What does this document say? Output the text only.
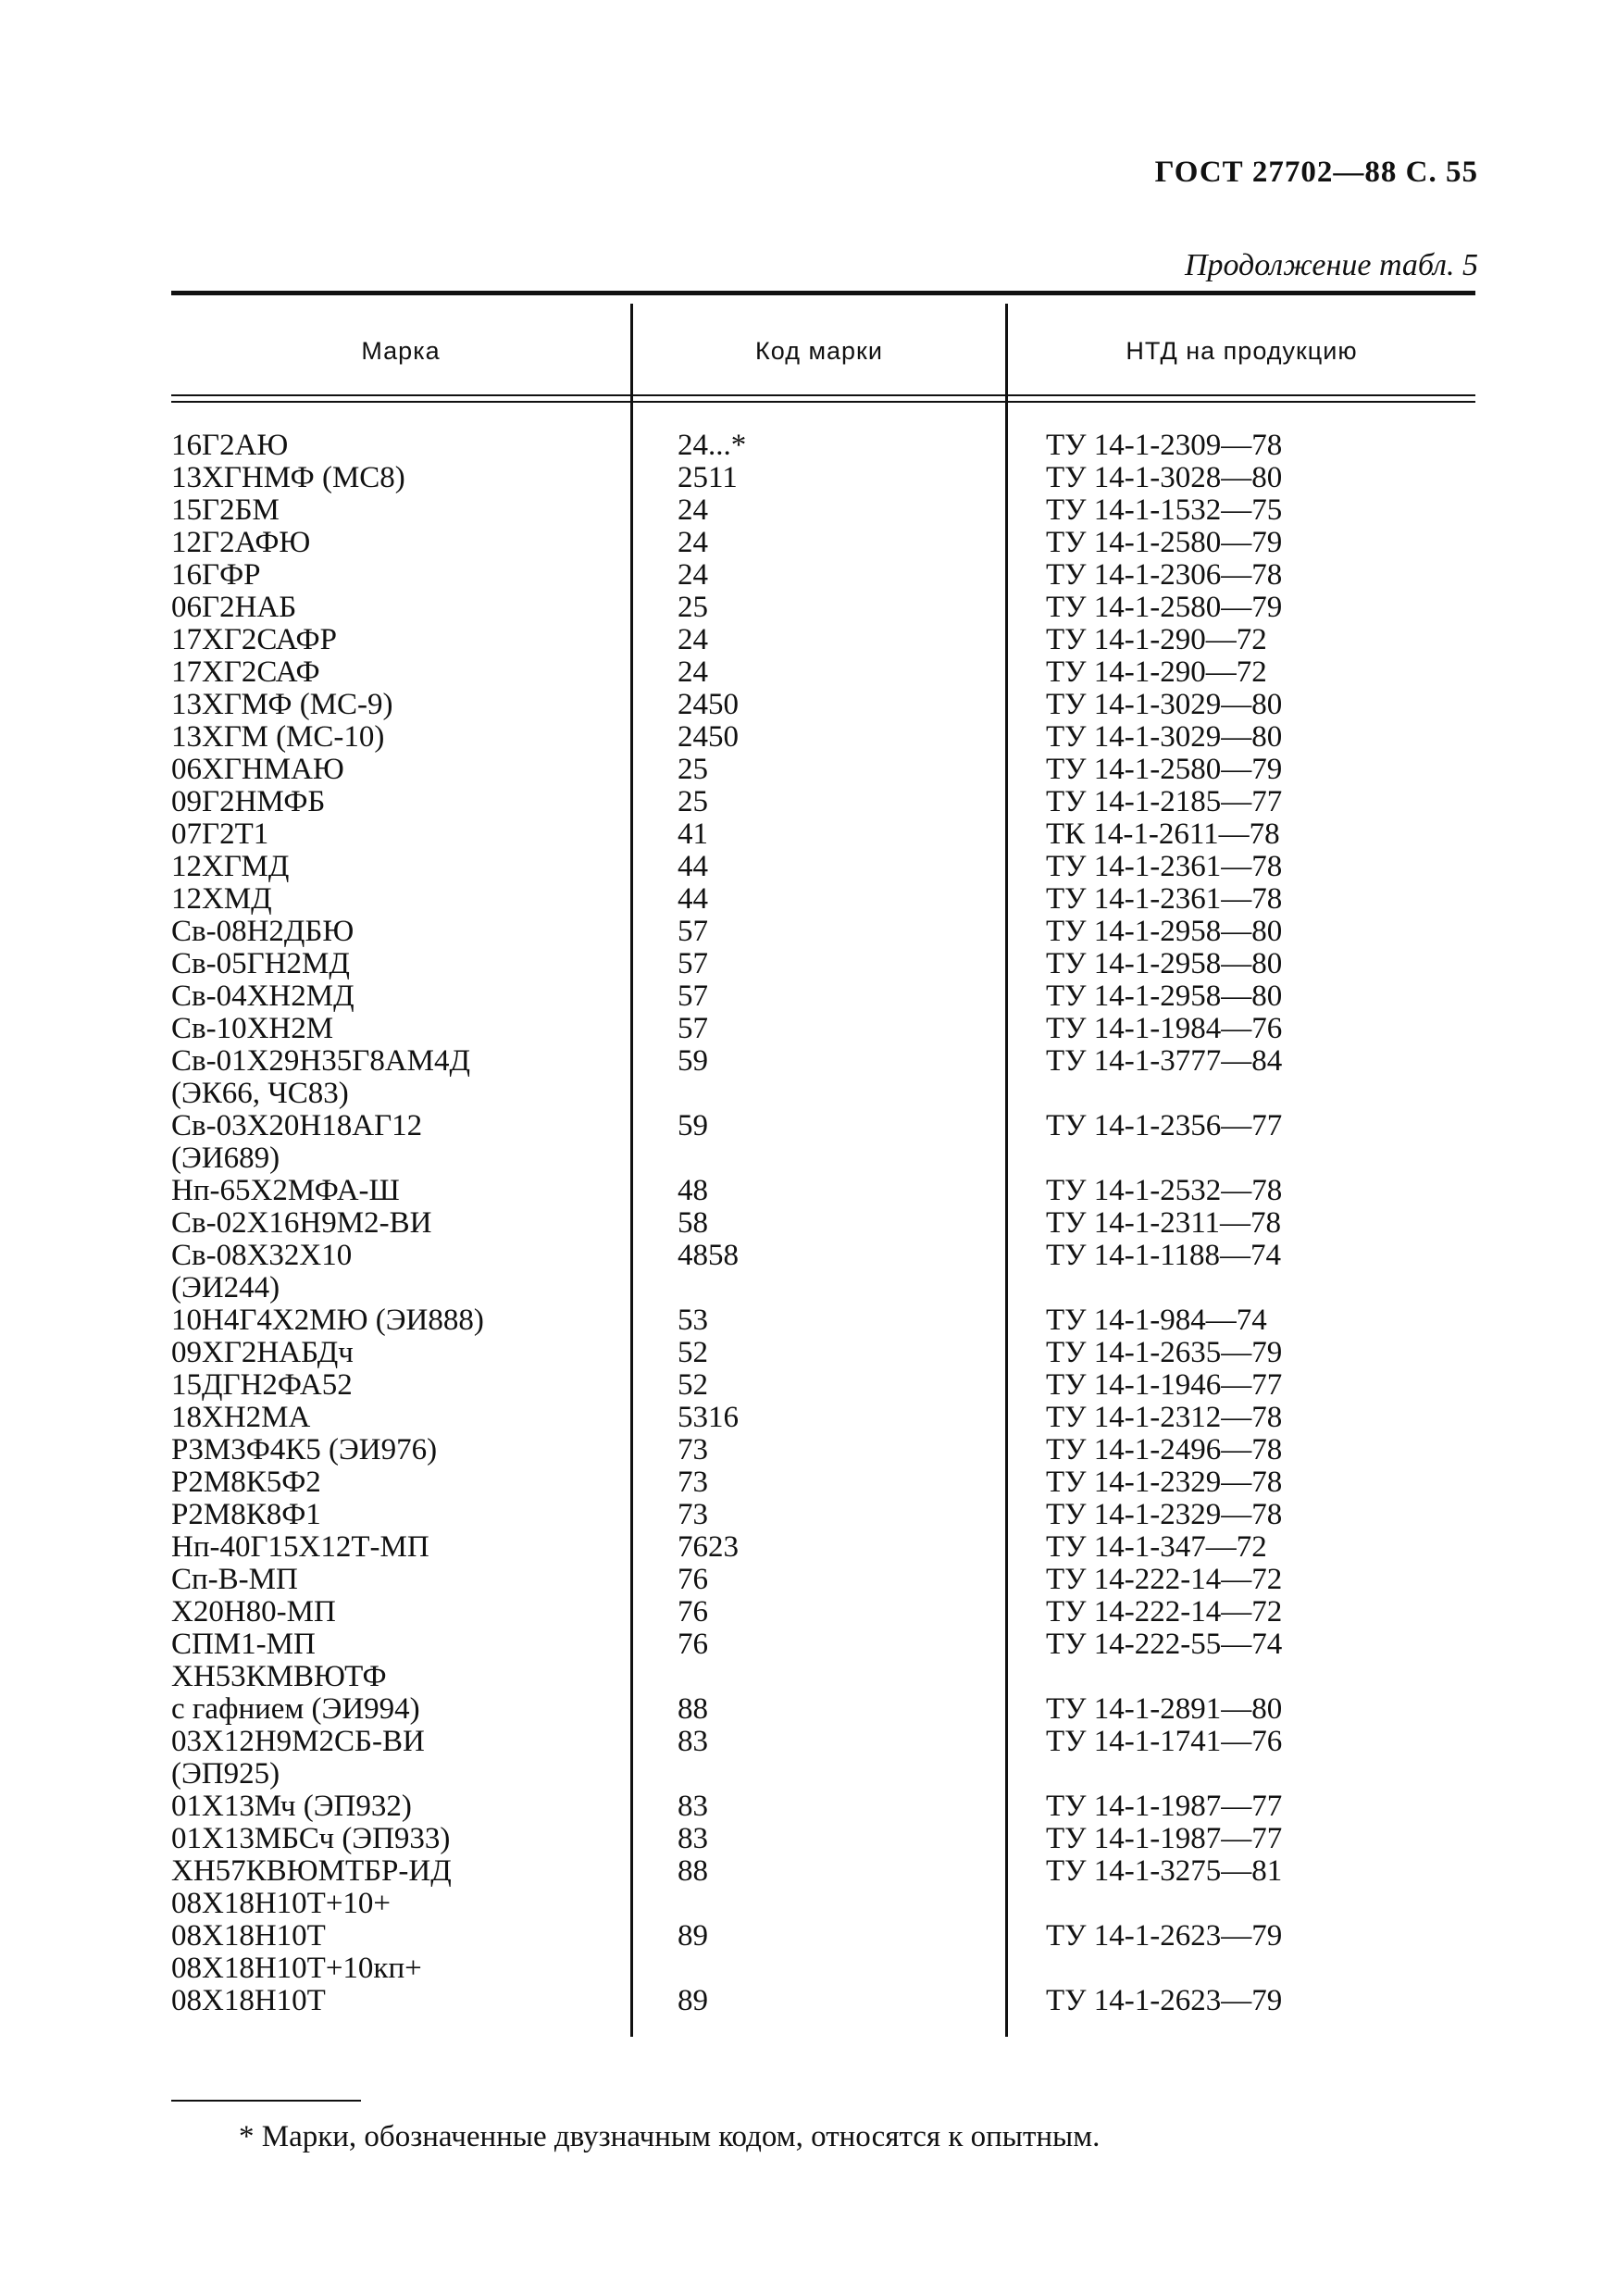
ГОСТ 27702—88 С. 55
Продолжение табл. 5
Марка	Код марки	НТД на продукцию
16Г2АЮ	24...*	ТУ 14-1-2309—78
13ХГНМФ (МС8)	2511	ТУ 14-1-3028—80
15Г2БМ	24	ТУ 14-1-1532—75
12Г2АФЮ	24	ТУ 14-1-2580—79
16ГФР	24	ТУ 14-1-2306—78
06Г2НАБ	25	ТУ 14-1-2580—79
17ХГ2САФР	24	ТУ 14-1-290—72
17ХГ2САФ	24	ТУ 14-1-290—72
13ХГМФ (МС-9)	2450	ТУ 14-1-3029—80
13ХГМ (МС-10)	2450	ТУ 14-1-3029—80
06ХГНМАЮ	25	ТУ 14-1-2580—79
09Г2НМФБ	25	ТУ 14-1-2185—77
07Г2Т1	41	ТК 14-1-2611—78
12ХГМД	44	ТУ 14-1-2361—78
12ХМД	44	ТУ 14-1-2361—78
Св-08Н2ДБЮ	57	ТУ 14-1-2958—80
Св-05ГН2МД	57	ТУ 14-1-2958—80
Св-04ХН2МД	57	ТУ 14-1-2958—80
Св-10ХН2М	57	ТУ 14-1-1984—76
Св-01Х29Н35Г8АМ4Д	59	ТУ 14-1-3777—84
(ЭК66, ЧС83)
Св-03Х20Н18АГ12	59	ТУ 14-1-2356—77
(ЭИ689)
Нп-65Х2МФА-Ш	48	ТУ 14-1-2532—78
Св-02Х16Н9М2-ВИ	58	ТУ 14-1-2311—78
Св-08Х32Х10	4858	ТУ 14-1-1188—74
(ЭИ244)
10Н4Г4Х2МЮ (ЭИ888)	53	ТУ 14-1-984—74
09ХГ2НАБДч	52	ТУ 14-1-2635—79
15ДГН2ФА52	52	ТУ 14-1-1946—77
18ХН2МА	5316	ТУ 14-1-2312—78
Р3М3Ф4К5 (ЭИ976)	73	ТУ 14-1-2496—78
Р2М8К5Ф2	73	ТУ 14-1-2329—78
Р2М8К8Ф1	73	ТУ 14-1-2329—78
Нп-40Г15Х12Т-МП	7623	ТУ 14-1-347—72
Сп-В-МП	76	ТУ 14-222-14—72
Х20Н80-МП	76	ТУ 14-222-14—72
СПМ1-МП	76	ТУ 14-222-55—74
ХН53КМВЮТФ
с гафнием (ЭИ994)	88	ТУ 14-1-2891—80
03Х12Н9М2СБ-ВИ	83	ТУ 14-1-1741—76
(ЭП925)
01Х13Мч (ЭП932)	83	ТУ 14-1-1987—77
01Х13МБСч (ЭП933)	83	ТУ 14-1-1987—77
ХН57КВЮМТБР-ИД	88	ТУ 14-1-3275—81
08Х18Н10Т+10+
08Х18Н10Т	89	ТУ 14-1-2623—79
08Х18Н10Т+10кп+
08Х18Н10Т	89	ТУ 14-1-2623—79
* Марки, обозначенные двузначным кодом, относятся к опытным.
